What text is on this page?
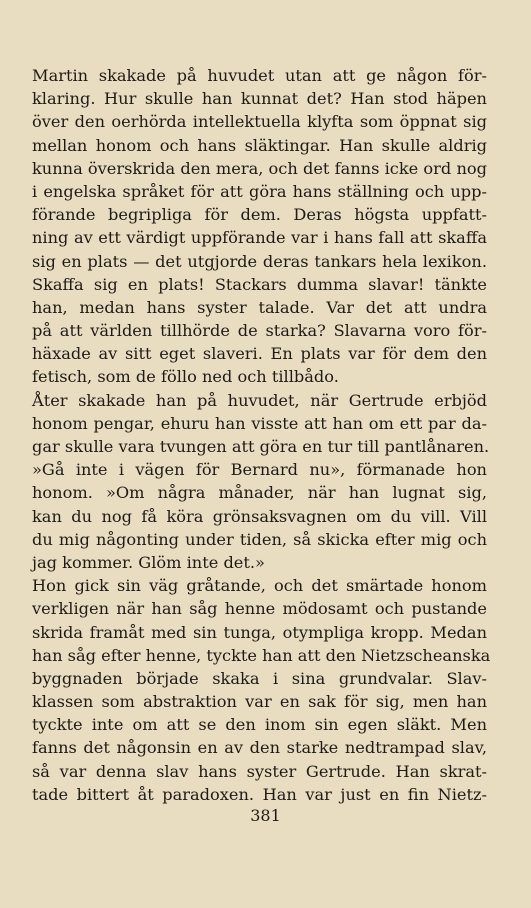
Martin skakade på huvudet utan att ge någon för-
klaring. Hur skulle han kunnat det? Han stod häpen
över den oerhörda intellektuella klyfta som öppnat sig
mellan honom och hans släktingar. Han skulle aldrig
kunna överskrida den mera, och det fanns icke ord nog
i engelska språket för att göra hans ställning och upp-
förande begripliga för dem. Deras högsta uppfatt-
ning av ett värdigt uppförande var i hans fall att skaffa
sig en plats — det utgjorde deras tankars hela lexikon.
Skaffa sig en plats! Stackars dumma slavar! tänkte
han, medan hans syster talade. Var det att undra
på att världen tillhörde de starka? Slavarna voro för-
häxade av sitt eget slaveri. En plats var för dem den
fetisch, som de föllo ned och tillbådo.
Åter skakade han på huvudet, när Gertrude erbjöd
honom pengar, ehuru han visste att han om ett par da-
gar skulle vara tvungen att göra en tur till pantlånaren.
»Gå inte i vägen för Bernard nu», förmanade hon
honom. »Om några månader, när han lugnat sig,
kan du nog få köra grönsaksvagnen om du vill. Vill
du mig någonting under tiden, så skicka efter mig och
jag kommer. Glöm inte det.»
Hon gick sin väg gråtande, och det smärtade honom
verkligen när han såg henne mödosamt och pustande
skrida framåt med sin tunga, otympliga kropp. Medan
han såg efter henne, tyckte han att den Nietzscheanska
byggnaden började skaka i sina grundvalar. Slav-
klassen som abstraktion var en sak för sig, men han
tyckte inte om att se den inom sin egen släkt. Men
fanns det någonsin en av den starke nedtrampad slav,
så var denna slav hans syster Gertrude. Han skrat-
tade bittert åt paradoxen. Han var just en fin Nietz-
381
